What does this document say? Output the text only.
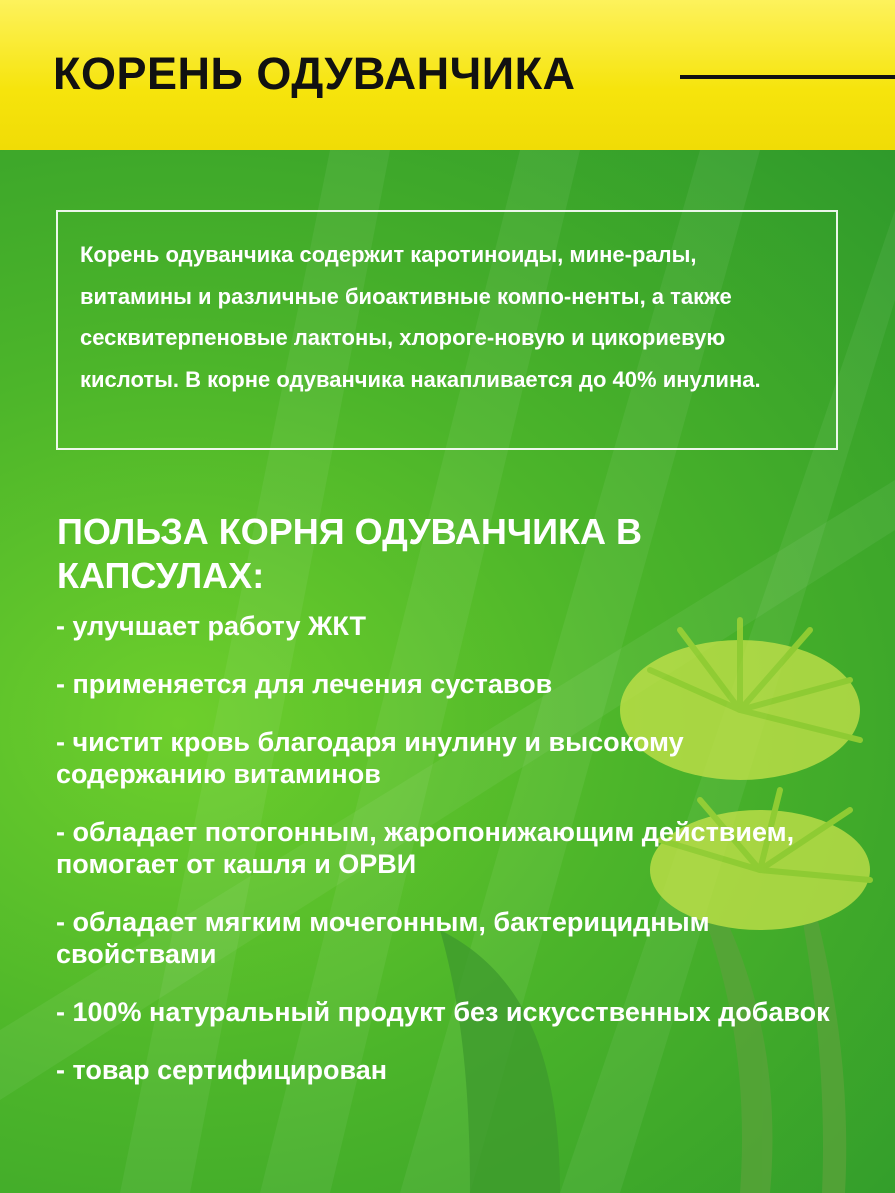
КОРЕНЬ ОДУВАНЧИКА

Корень одуванчика содержит каротиноиды, мине-ралы, витамины и различные биоактивные компо-ненты, а также сесквитерпеновые лактоны, хлороге-новую и цикориевую кислоты. В корне одуванчика накапливается до 40% инулина.

ПОЛЬЗА КОРНЯ ОДУВАНЧИКА В КАПСУЛАХ:
- улучшает работу ЖКТ
- применяется для лечения суставов
- чистит кровь благодаря инулину и высокому содержанию витаминов
- обладает потогонным, жаропонижающим действием, помогает от кашля и ОРВИ
- обладает мягким мочегонным, бактерицидным свойствами
- 100% натуральный продукт без искусственных добавок
- товар сертифицирован
